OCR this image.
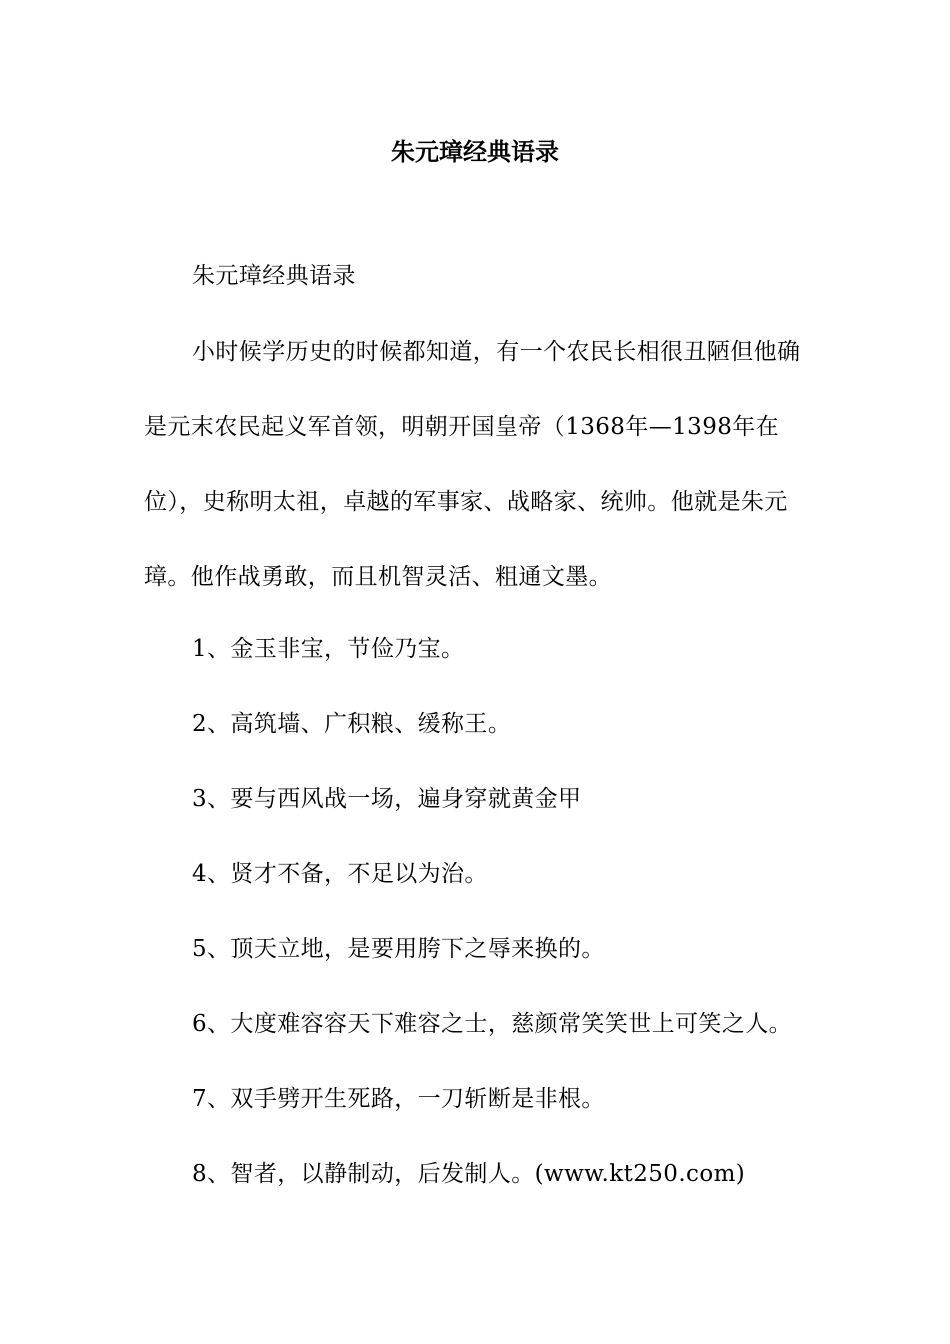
朱元璋经典语录

朱元璋经典语录

小时候学历史的时候都知道，有一个农民长相很丑陋但他确是元末农民起义军首领，明朝开国皇帝（1368年—1398年在位），史称明太祖，卓越的军事家、战略家、统帅。他就是朱元璋。他作战勇敢，而且机智灵活、粗通文墨。

1、金玉非宝，节俭乃宝。

2、高筑墙、广积粮、缓称王。

3、要与西风战一场，遍身穿就黄金甲

4、贤才不备，不足以为治。

5、顶天立地，是要用胯下之辱来换的。

6、大度难容容天下难容之士，慈颜常笑笑世上可笑之人。

7、双手劈开生死路，一刀斩断是非根。

8、智者，以静制动，后发制人。(www.kt250.com)
